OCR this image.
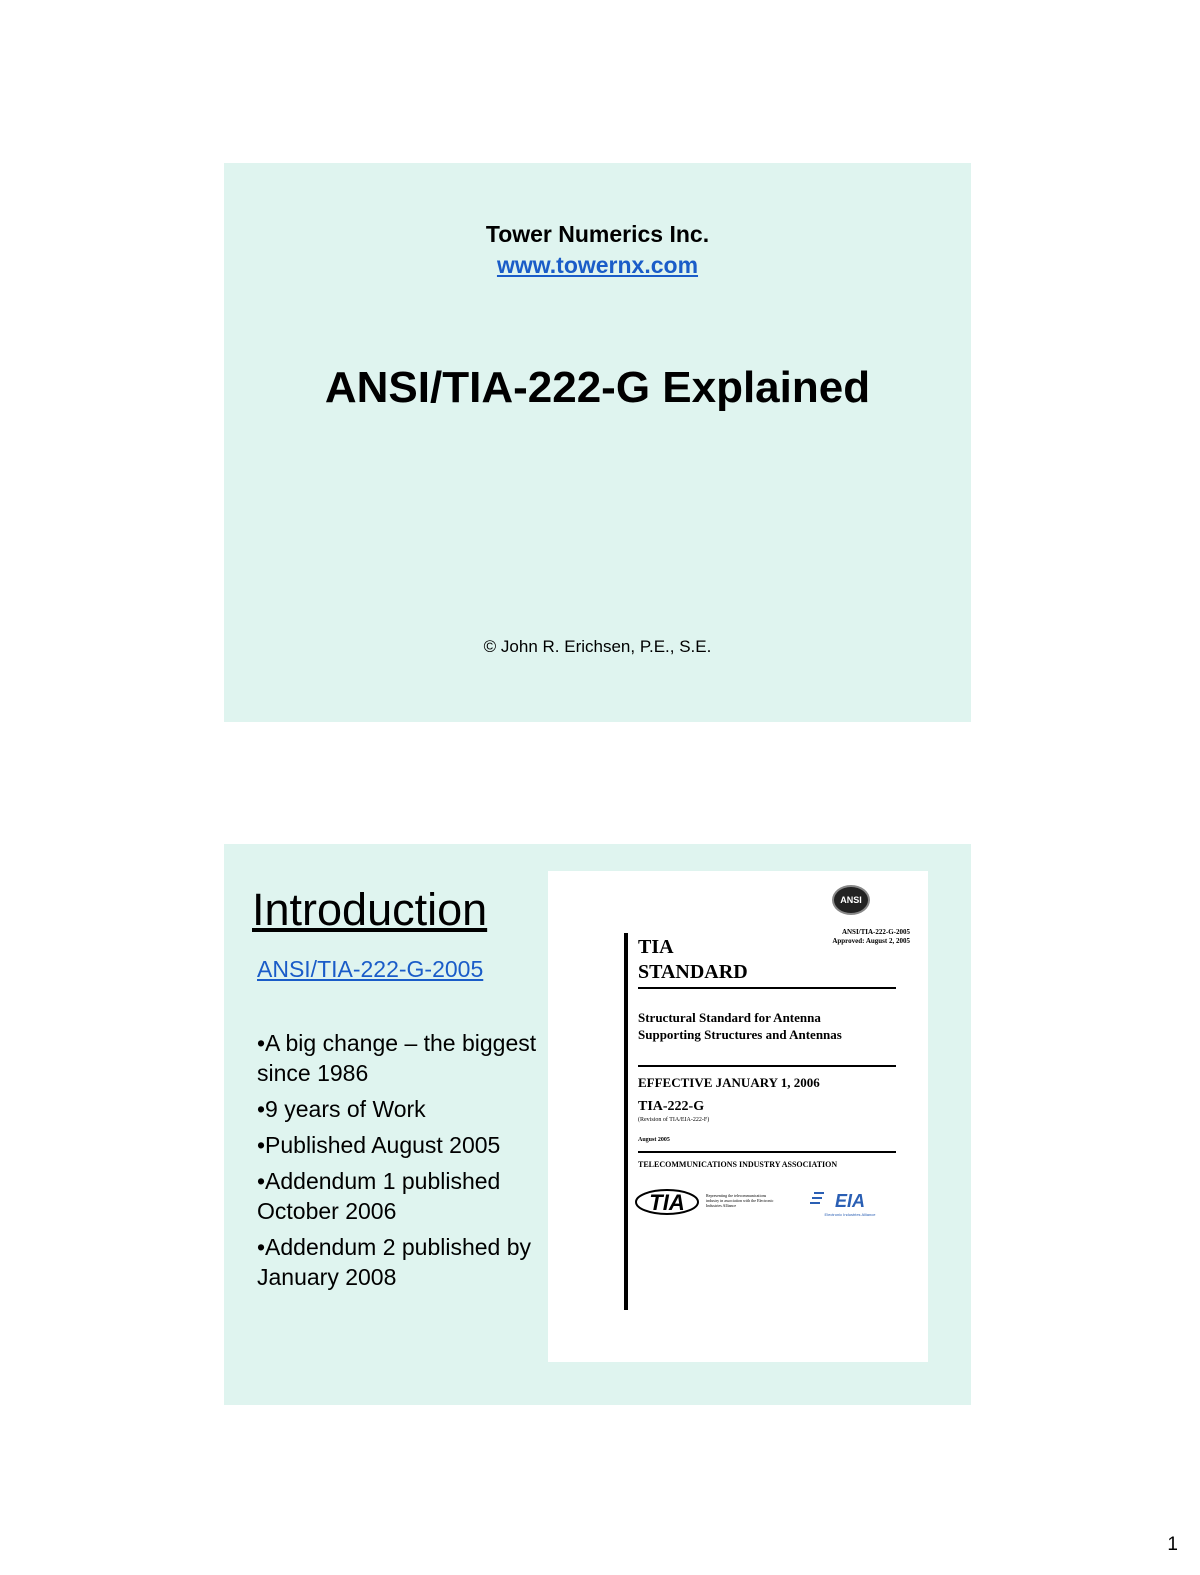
Tower Numerics Inc.
www.towernx.com
ANSI/TIA-222-G Explained
© John R. Erichsen, P.E., S.E.
Introduction
ANSI/TIA-222-G-2005
•A big change – the biggest since 1986
•9 years of Work
•Published August 2005
•Addendum 1 published October 2006
•Addendum 2 published by January 2008
ANSI
ANSI/TIA-222-G-2005
Approved: August 2, 2005
TIA
STANDARD
Structural Standard for Antenna
Supporting Structures and Antennas
EFFECTIVE JANUARY 1, 2006
TIA-222-G
(Revision of TIA/EIA-222-F)
August 2005
TELECOMMUNICATIONS INDUSTRY ASSOCIATION
TIA	Representing the telecommunications industry in association with the Electronic Industries Alliance	EIA
Electronic Industries Alliance
1
